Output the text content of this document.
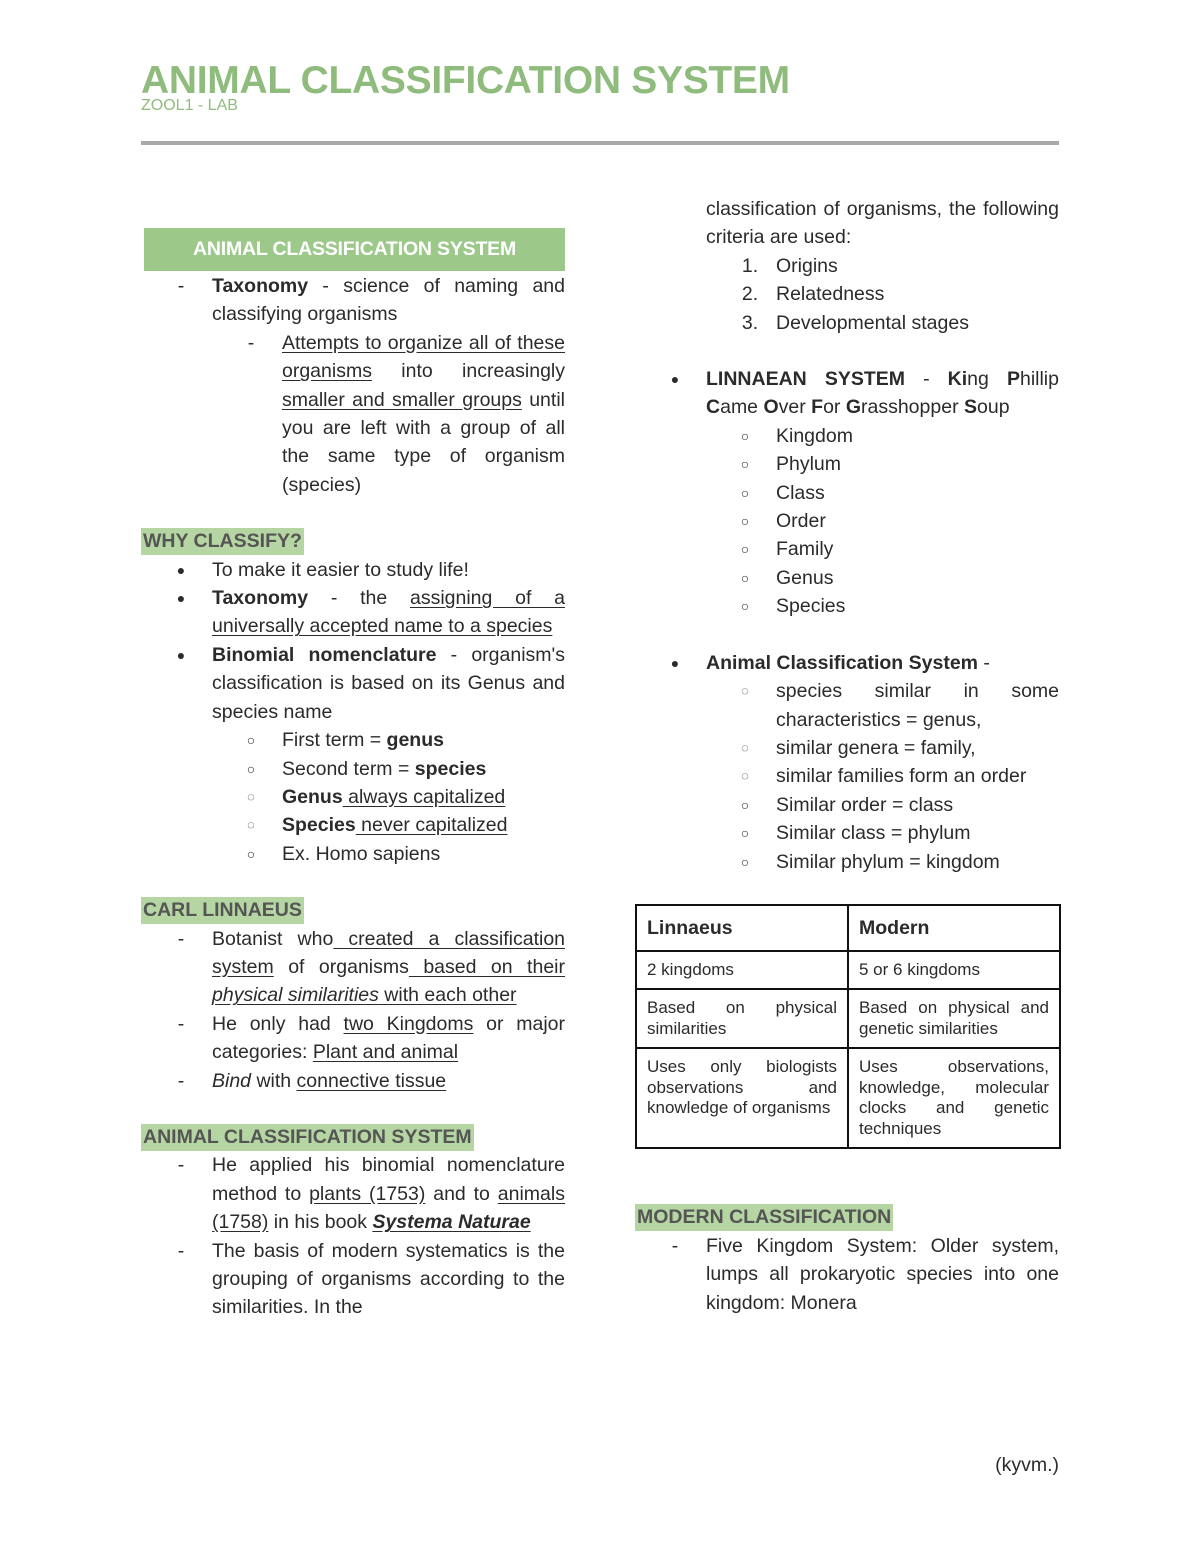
ANIMAL CLASSIFICATION SYSTEM
ZOOL1 - LAB
ANIMAL CLASSIFICATION SYSTEM
-	Taxonomy - science of naming and classifying organisms
-	Attempts to organize all of these organisms into increasingly smaller and smaller groups until you are left with a group of all the same type of organism (species)
WHY CLASSIFY?
● To make it easier to study life!
● Taxonomy - the assigning of a universally accepted name to a species
● Binomial nomenclature - organism's classification is based on its Genus and species name
○ First term = genus
○ Second term = species
◌	Genus always capitalized
◌	Species never capitalized
○ Ex. Homo sapiens
CARL LINNAEUS
-	Botanist who created a classification system of organisms based on their physical similarities with each other
-	He only had two Kingdoms or major categories: Plant and animal
-	Bind with connective tissue
ANIMAL CLASSIFICATION SYSTEM
-	He applied his binomial nomenclature method to plants (1753) and to animals (1758) in his book Systema Naturae
-	The basis of modern systematics is the grouping of organisms according to the similarities. In the
classification of organisms, the following criteria are used:
1. Origins
2. Relatedness
3. Developmental stages
● LINNAEAN SYSTEM - King Phillip Came Over For Grasshopper Soup
○ Kingdom
○ Phylum
○ Class
○ Order
○ Family
○ Genus
○ Species
● Animal Classification System -
◌	species similar in some characteristics = genus,
◌	similar genera = family,
◌	similar families form an order
○ Similar order = class
○ Similar class = phylum
○ Similar phylum = kingdom
Linnaeus	Modern
2 kingdoms	5 or 6 kingdoms
Based on physical similarities	Based on physical and genetic similarities
Uses only biologists observations and knowledge of organisms	Uses observations, knowledge, molecular clocks and genetic techniques
MODERN CLASSIFICATION
-	Five Kingdom System: Older system, lumps all prokaryotic species into one kingdom: Monera
(kyvm.)
